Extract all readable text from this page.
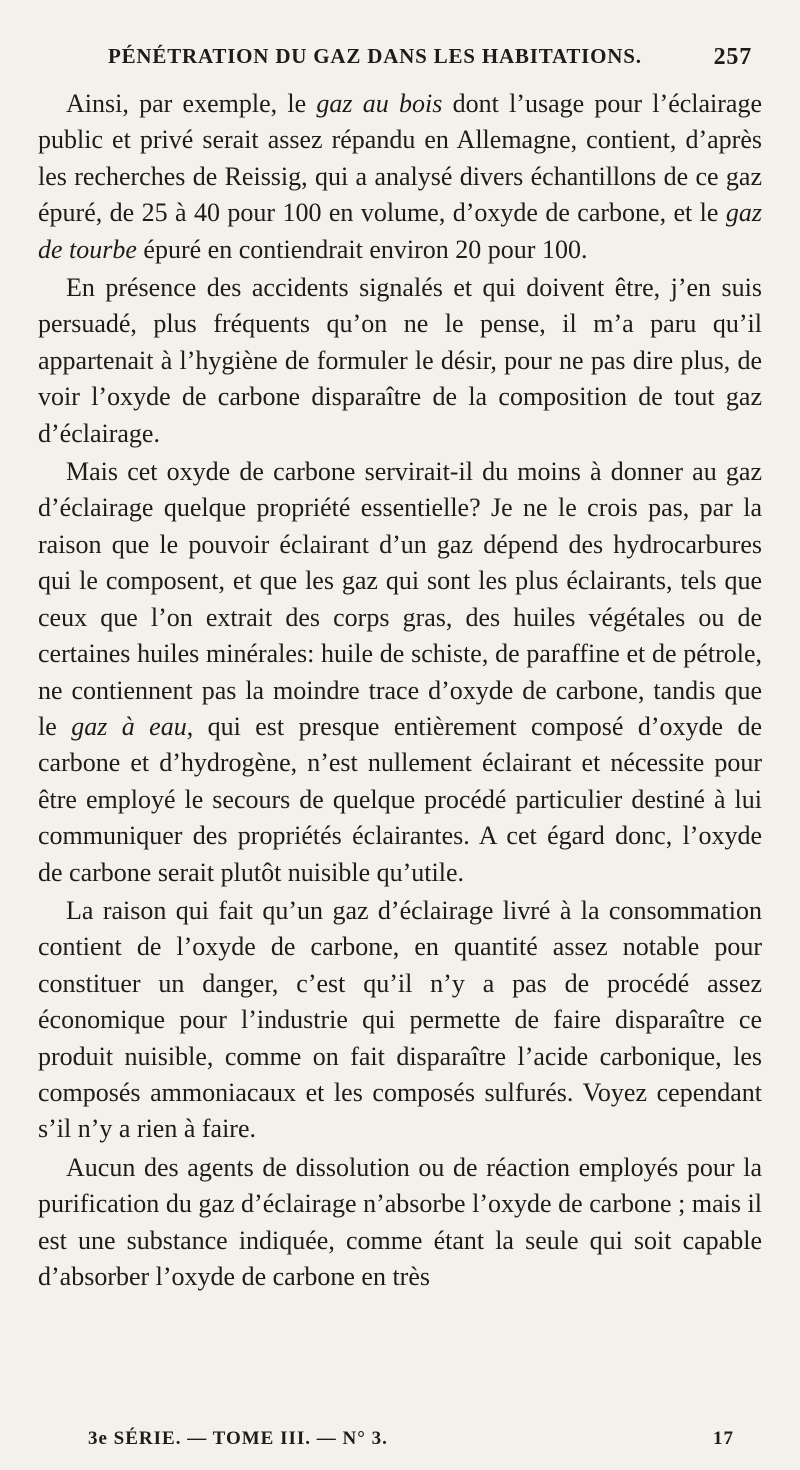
PÉNÉTRATION DU GAZ DANS LES HABITATIONS.	257

Ainsi, par exemple, le gaz au bois dont l’usage pour l’éclairage public et privé serait assez répandu en Allemagne, contient, d’après les recherches de Reissig, qui a analysé divers échantillons de ce gaz épuré, de 25 à 40 pour 100 en volume, d’oxyde de carbone, et le gaz de tourbe épuré en contiendrait environ 20 pour 100.

En présence des accidents signalés et qui doivent être, j’en suis persuadé, plus fréquents qu’on ne le pense, il m’a paru qu’il appartenait à l’hygiène de formuler le désir, pour ne pas dire plus, de voir l’oxyde de carbone disparaître de la composition de tout gaz d’éclairage.

Mais cet oxyde de carbone servirait-il du moins à donner au gaz d’éclairage quelque propriété essentielle? Je ne le crois pas, par la raison que le pouvoir éclairant d’un gaz dépend des hydrocarbures qui le composent, et que les gaz qui sont les plus éclairants, tels que ceux que l’on extrait des corps gras, des huiles végétales ou de certaines huiles minérales: huile de schiste, de paraffine et de pétrole, ne contiennent pas la moindre trace d’oxyde de carbone, tandis que le gaz à eau, qui est presque entièrement composé d’oxyde de carbone et d’hydrogène, n’est nullement éclairant et nécessite pour être employé le secours de quelque procédé particulier destiné à lui communiquer des propriétés éclairantes. A cet égard donc, l’oxyde de carbone serait plutôt nuisible qu’utile.

La raison qui fait qu’un gaz d’éclairage livré à la consommation contient de l’oxyde de carbone, en quantité assez notable pour constituer un danger, c’est qu’il n’y a pas de procédé assez économique pour l’industrie qui permette de faire disparaître ce produit nuisible, comme on fait disparaître l’acide carbonique, les composés ammoniacaux et les composés sulfurés. Voyez cependant s’il n’y a rien à faire.

Aucun des agents de dissolution ou de réaction employés pour la purification du gaz d’éclairage n’absorbe l’oxyde de carbone ; mais il est une substance indiquée, comme étant la seule qui soit capable d’absorber l’oxyde de carbone en très

3e SÉRIE. — TOME III. — N° 3.	17
